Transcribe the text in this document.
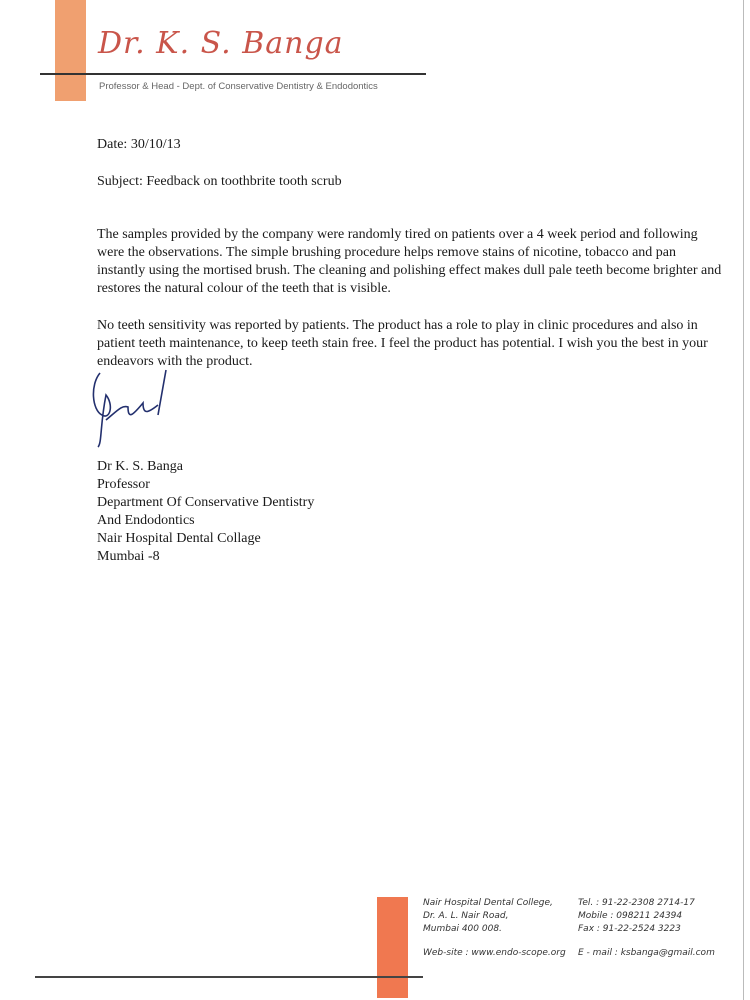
Dr. K. S. Banga
Professor & Head - Dept. of Conservative Dentistry & Endodontics
Date: 30/10/13
Subject: Feedback on toothbrite tooth scrub
The samples provided by the company were randomly tired on patients over a 4 week period and following were the observations. The simple brushing procedure helps remove stains of nicotine, tobacco and pan instantly using the mortised brush. The cleaning and polishing effect makes dull pale teeth become brighter and restores the natural colour of the teeth that is visible.
No teeth sensitivity was reported by patients. The product has a role to play in clinic procedures and also in patient teeth maintenance, to keep teeth stain free. I feel the product has potential. I wish you the best in your endeavors with the product.
Dr K. S. Banga
Professor
Department Of Conservative Dentistry
And Endodontics
Nair Hospital Dental Collage
Mumbai -8
Nair Hospital Dental College,
Dr. A. L. Nair Road,
Mumbai 400 008.
Web-site : www.endo-scope.org
Tel. : 91-22-2308 2714-17
Mobile : 098211 24394
Fax : 91-22-2524 3223
E - mail : ksbanga@gmail.com
